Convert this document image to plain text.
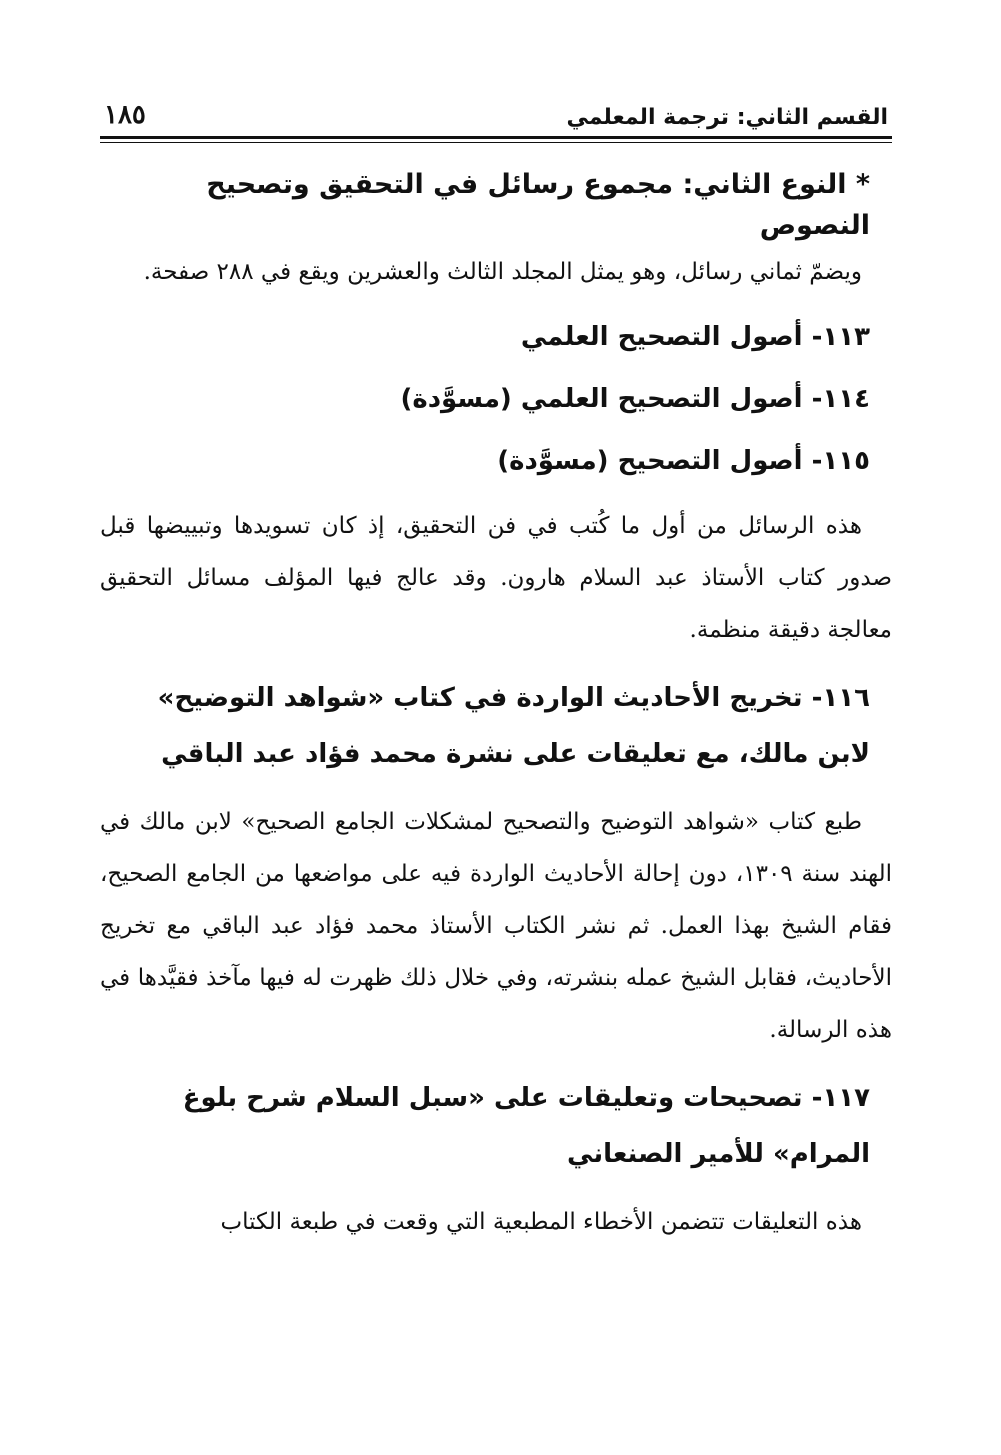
القسم الثاني: ترجمة المعلمي
١٨٥
* النوع الثاني: مجموع رسائل في التحقيق وتصحيح النصوص

ويضمّ ثماني رسائل، وهو يمثل المجلد الثالث والعشرين ويقع في ٢٨٨ صفحة.

١١٣- أصول التصحيح العلمي
١١٤- أصول التصحيح العلمي (مسوَّدة)
١١٥- أصول التصحيح (مسوَّدة)

هذه الرسائل من أول ما كُتب في فن التحقيق، إذ كان تسويدها وتبييضها قبل صدور كتاب الأستاذ عبد السلام هارون. وقد عالج فيها المؤلف مسائل التحقيق معالجة دقيقة منظمة.

١١٦- تخريج الأحاديث الواردة في كتاب «شواهد التوضيح» لابن مالك، مع تعليقات على نشرة محمد فؤاد عبد الباقي

طبع كتاب «شواهد التوضيح والتصحيح لمشكلات الجامع الصحيح» لابن مالك في الهند سنة ١٣٠٩، دون إحالة الأحاديث الواردة فيه على مواضعها من الجامع الصحيح، فقام الشيخ بهذا العمل. ثم نشر الكتاب الأستاذ محمد فؤاد عبد الباقي مع تخريج الأحاديث، فقابل الشيخ عمله بنشرته، وفي خلال ذلك ظهرت له فيها مآخذ فقيَّدها في هذه الرسالة.

١١٧- تصحيحات وتعليقات على «سبل السلام شرح بلوغ المرام» للأمير الصنعاني

هذه التعليقات تتضمن الأخطاء المطبعية التي وقعت في طبعة الكتاب
